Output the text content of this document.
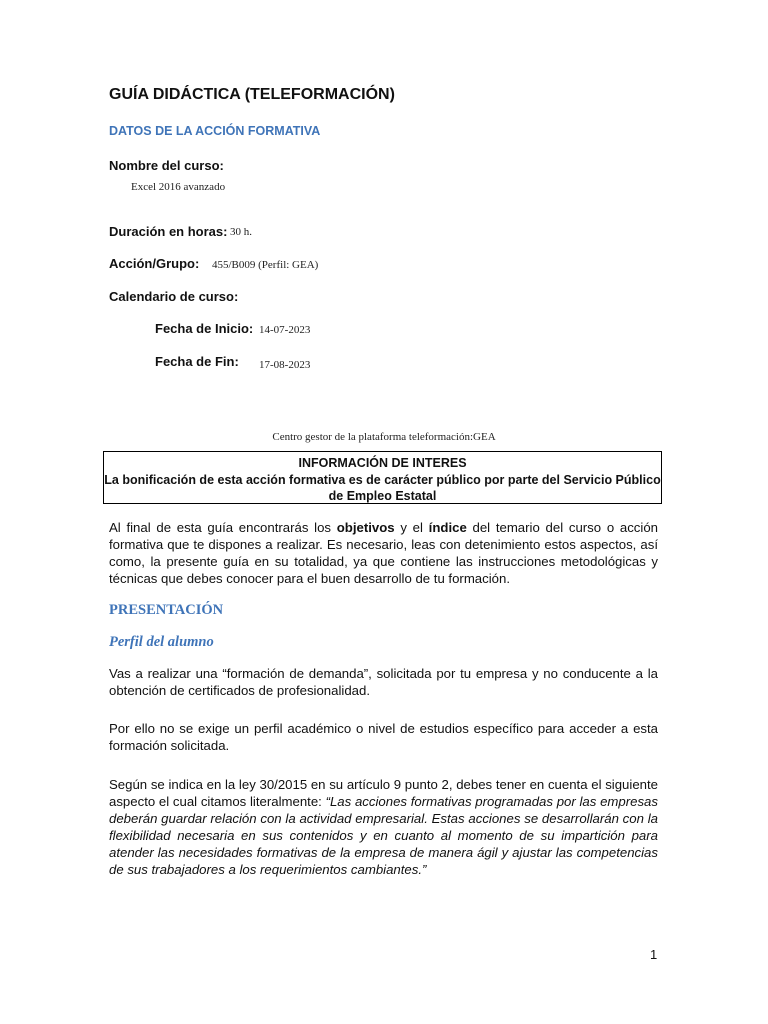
GUÍA DIDÁCTICA (TELEFORMACIÓN)
DATOS DE LA ACCIÓN FORMATIVA
Nombre del curso:
Excel 2016 avanzado
Duración en horas: 30 h.
Acción/Grupo: 455/B009 (Perfil: GEA)
Calendario de curso:
Fecha de Inicio: 14-07-2023
Fecha de Fin: 17-08-2023
Centro gestor de la plataforma teleformación:GEA
INFORMACIÓN DE INTERES
La bonificación de esta acción formativa es de carácter público por parte del Servicio Público
de Empleo Estatal
Al final de esta guía encontrarás los objetivos y el índice del temario del curso o acción formativa que te dispones a realizar. Es necesario, leas con detenimiento estos aspectos, así como, la presente guía en su totalidad, ya que contiene las instrucciones metodológicas y técnicas que debes conocer para el buen desarrollo de tu formación.
PRESENTACIÓN
Perfil del alumno
Vas a realizar una “formación de demanda”, solicitada por tu empresa y no conducente a la obtención de certificados de profesionalidad.
Por ello no se exige un perfil académico o nivel de estudios específico para acceder a esta formación solicitada.
Según se indica en la ley 30/2015 en su artículo 9 punto 2, debes tener en cuenta el siguiente aspecto el cual citamos literalmente: “Las acciones formativas programadas por las empresas deberán guardar relación con la actividad empresarial. Estas acciones se desarrollarán con la flexibilidad necesaria en sus contenidos y en cuanto al momento de su impartición para atender las necesidades formativas de la empresa de manera ágil y ajustar las competencias de sus trabajadores a los requerimientos cambiantes.”
1
